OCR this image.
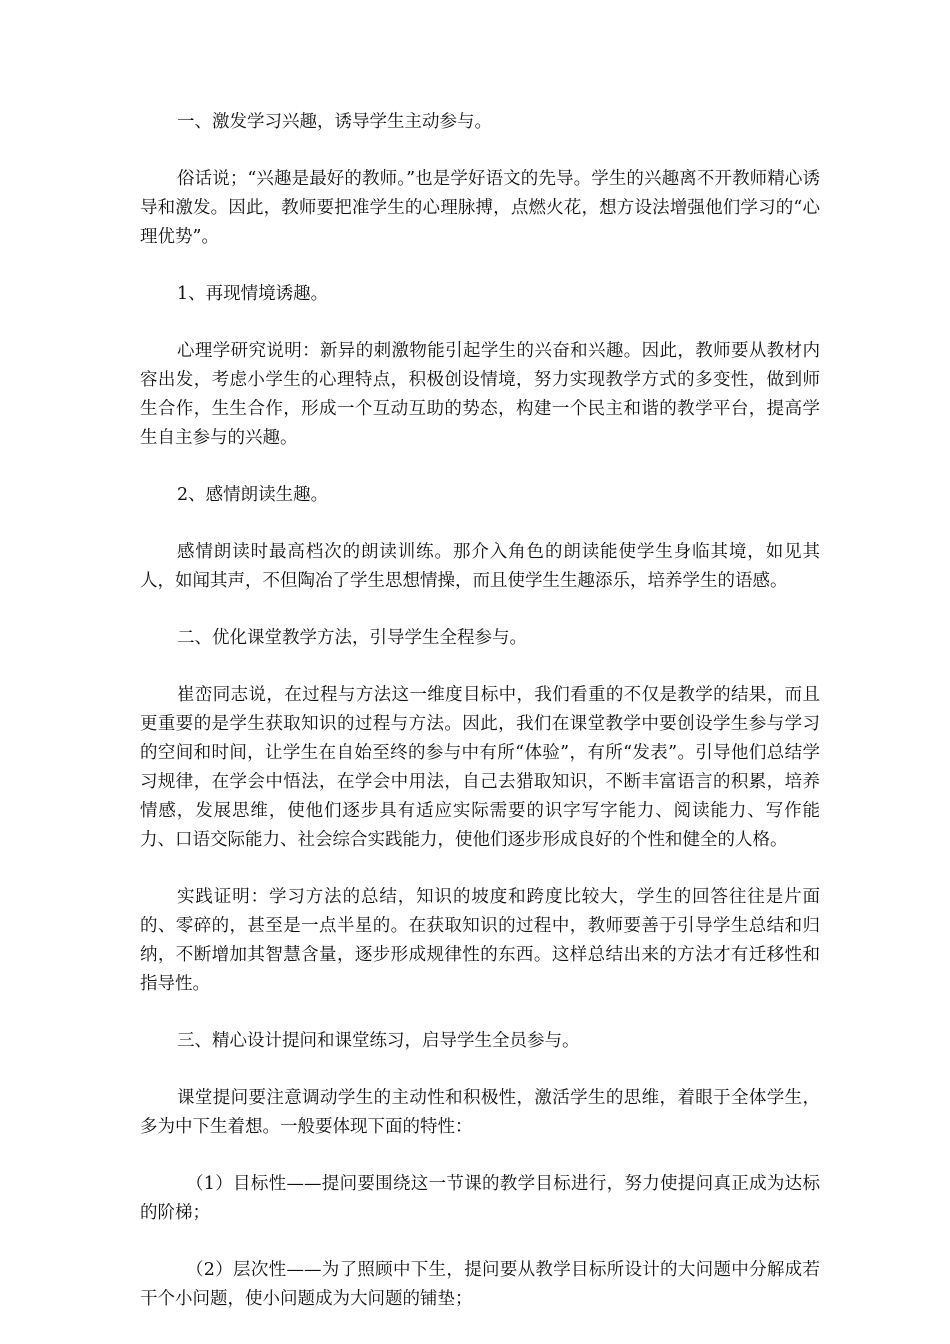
一、激发学习兴趣，诱导学生主动参与。

俗话说；“兴趣是最好的教师。”也是学好语文的先导。学生的兴趣离不开教师精心诱导和激发。因此，教师要把准学生的心理脉搏，点燃火花，想方设法增强他们学习的“心理优势”。

1、再现情境诱趣。

心理学研究说明：新异的刺激物能引起学生的兴奋和兴趣。因此，教师要从教材内容出发，考虑小学生的心理特点，积极创设情境，努力实现教学方式的多变性，做到师生合作，生生合作，形成一个互动互助的势态，构建一个民主和谐的教学平台，提高学生自主参与的兴趣。

2、感情朗读生趣。

感情朗读时最高档次的朗读训练。那介入角色的朗读能使学生身临其境，如见其人，如闻其声，不但陶冶了学生思想情操，而且使学生生趣添乐，培养学生的语感。

二、优化课堂教学方法，引导学生全程参与。

崔峦同志说，在过程与方法这一维度目标中，我们看重的不仅是教学的结果，而且更重要的是学生获取知识的过程与方法。因此，我们在课堂教学中要创设学生参与学习的空间和时间，让学生在自始至终的参与中有所“体验”，有所“发表”。引导他们总结学习规律，在学会中悟法，在学会中用法，自己去猎取知识，不断丰富语言的积累，培养情感，发展思维，使他们逐步具有适应实际需要的识字写字能力、阅读能力、写作能力、口语交际能力、社会综合实践能力，使他们逐步形成良好的个性和健全的人格。

实践证明：学习方法的总结，知识的坡度和跨度比较大，学生的回答往往是片面的、零碎的，甚至是一点半星的。在获取知识的过程中，教师要善于引导学生总结和归纳，不断增加其智慧含量，逐步形成规律性的东西。这样总结出来的方法才有迁移性和指导性。

三、精心设计提问和课堂练习，启导学生全员参与。

课堂提问要注意调动学生的主动性和积极性，激活学生的思维，着眼于全体学生，多为中下生着想。一般要体现下面的特性：

（1）目标性——提问要围绕这一节课的教学目标进行，努力使提问真正成为达标的阶梯；

（2）层次性——为了照顾中下生，提问要从教学目标所设计的大问题中分解成若干个小问题，使小问题成为大问题的铺垫；
